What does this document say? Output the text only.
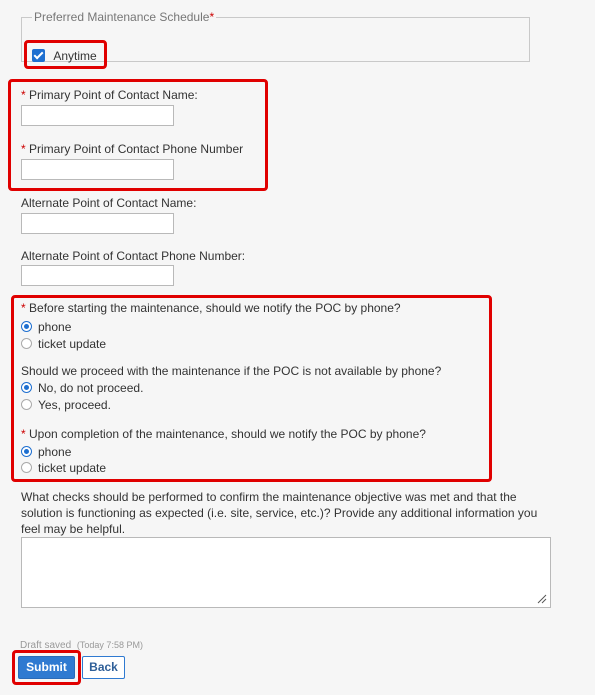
Preferred Maintenance Schedule*
Anytime
* Primary Point of Contact Name:
* Primary Point of Contact Phone Number
Alternate Point of Contact Name:
Alternate Point of Contact Phone Number:
* Before starting the maintenance, should we notify the POC by phone?
phone
ticket update
Should we proceed with the maintenance if the POC is not available by phone?
No, do not proceed.
Yes, proceed.
* Upon completion of the maintenance, should we notify the POC by phone?
phone
ticket update
What checks should be performed to confirm the maintenance objective was met and that the solution is functioning as expected (i.e. site, service, etc.)? Provide any additional information you feel may be helpful.
Draft saved (Today 7:58 PM)
Submit	Back
